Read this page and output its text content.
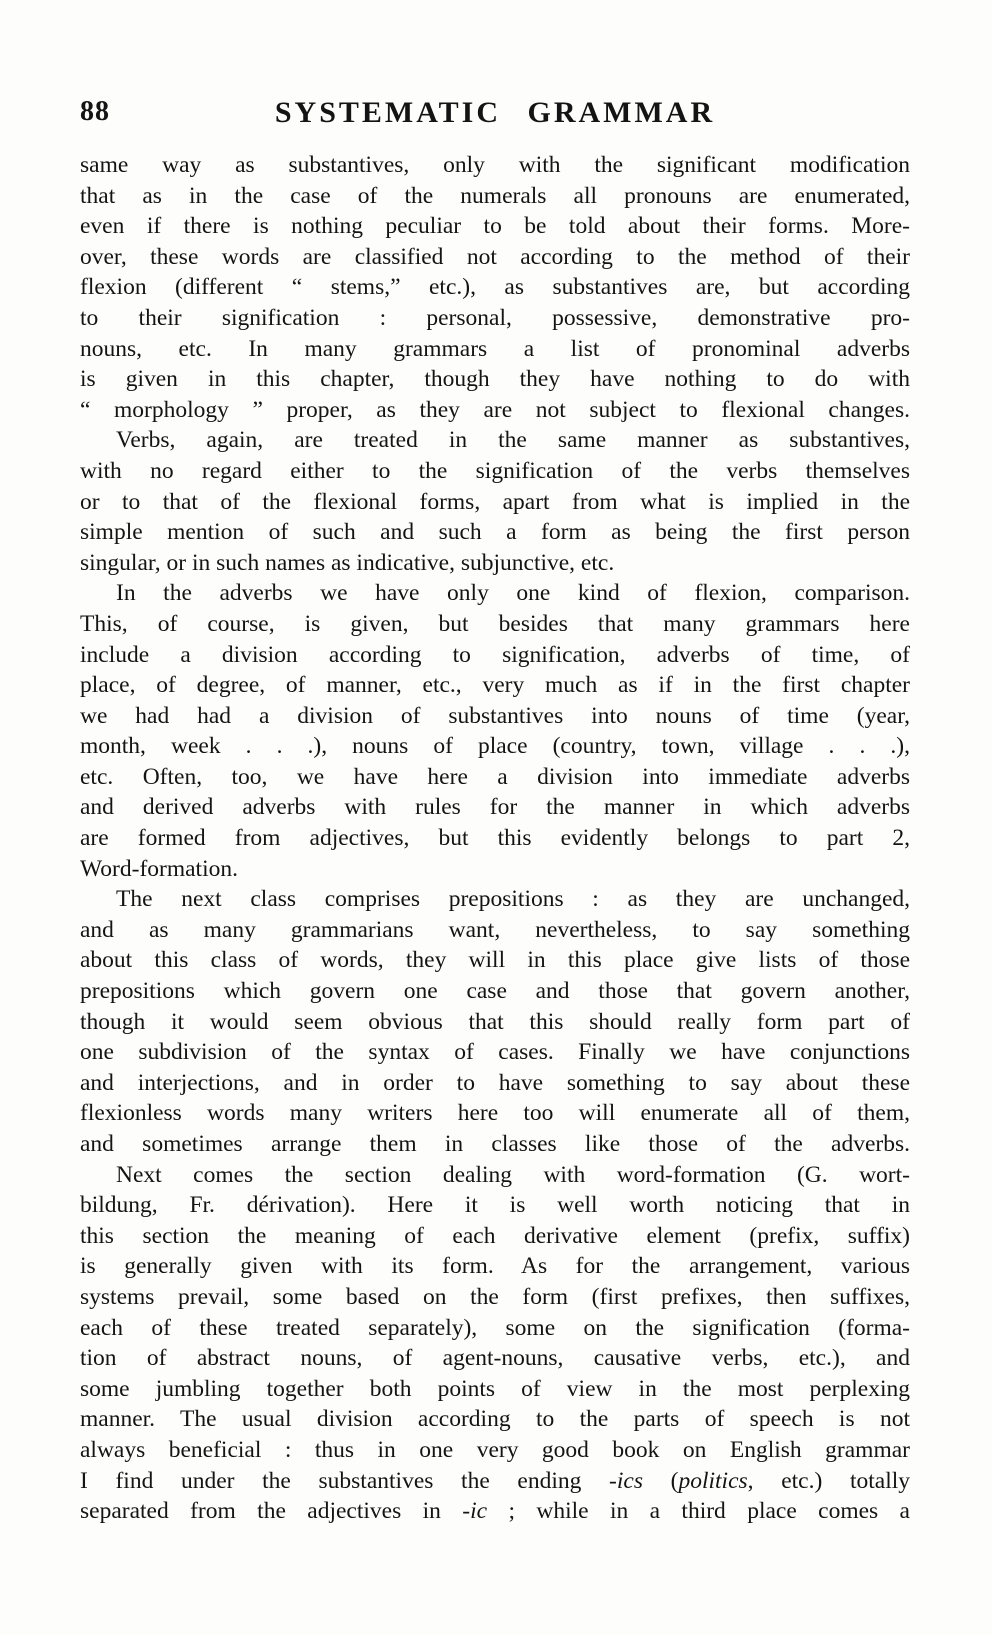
88	SYSTEMATIC GRAMMAR
same way as substantives, only with the significant modification
that as in the case of the numerals all pronouns are enumerated,
even if there is nothing peculiar to be told about their forms. More-
over, these words are classified not according to the method of their
flexion (different “ stems,” etc.), as substantives are, but according
to their signification : personal, possessive, demonstrative pro-
nouns, etc. In many grammars a list of pronominal adverbs
is given in this chapter, though they have nothing to do with
“ morphology ” proper, as they are not subject to flexional changes.
Verbs, again, are treated in the same manner as substantives,
with no regard either to the signification of the verbs themselves
or to that of the flexional forms, apart from what is implied in the
simple mention of such and such a form as being the first person
singular, or in such names as indicative, subjunctive, etc.
In the adverbs we have only one kind of flexion, comparison.
This, of course, is given, but besides that many grammars here
include a division according to signification, adverbs of time, of
place, of degree, of manner, etc., very much as if in the first chapter
we had had a division of substantives into nouns of time (year,
month, week . . .), nouns of place (country, town, village . . .),
etc. Often, too, we have here a division into immediate adverbs
and derived adverbs with rules for the manner in which adverbs
are formed from adjectives, but this evidently belongs to part 2,
Word-formation.
The next class comprises prepositions : as they are unchanged,
and as many grammarians want, nevertheless, to say something
about this class of words, they will in this place give lists of those
prepositions which govern one case and those that govern another,
though it would seem obvious that this should really form part of
one subdivision of the syntax of cases. Finally we have conjunctions
and interjections, and in order to have something to say about these
flexionless words many writers here too will enumerate all of them,
and sometimes arrange them in classes like those of the adverbs.
Next comes the section dealing with word-formation (G. wort-
bildung, Fr. dérivation). Here it is well worth noticing that in
this section the meaning of each derivative element (prefix, suffix)
is generally given with its form. As for the arrangement, various
systems prevail, some based on the form (first prefixes, then suffixes,
each of these treated separately), some on the signification (forma-
tion of abstract nouns, of agent-nouns, causative verbs, etc.), and
some jumbling together both points of view in the most perplexing
manner. The usual division according to the parts of speech is not
always beneficial : thus in one very good book on English grammar
I find under the substantives the ending -ics (politics, etc.) totally
separated from the adjectives in -ic ; while in a third place comes a
